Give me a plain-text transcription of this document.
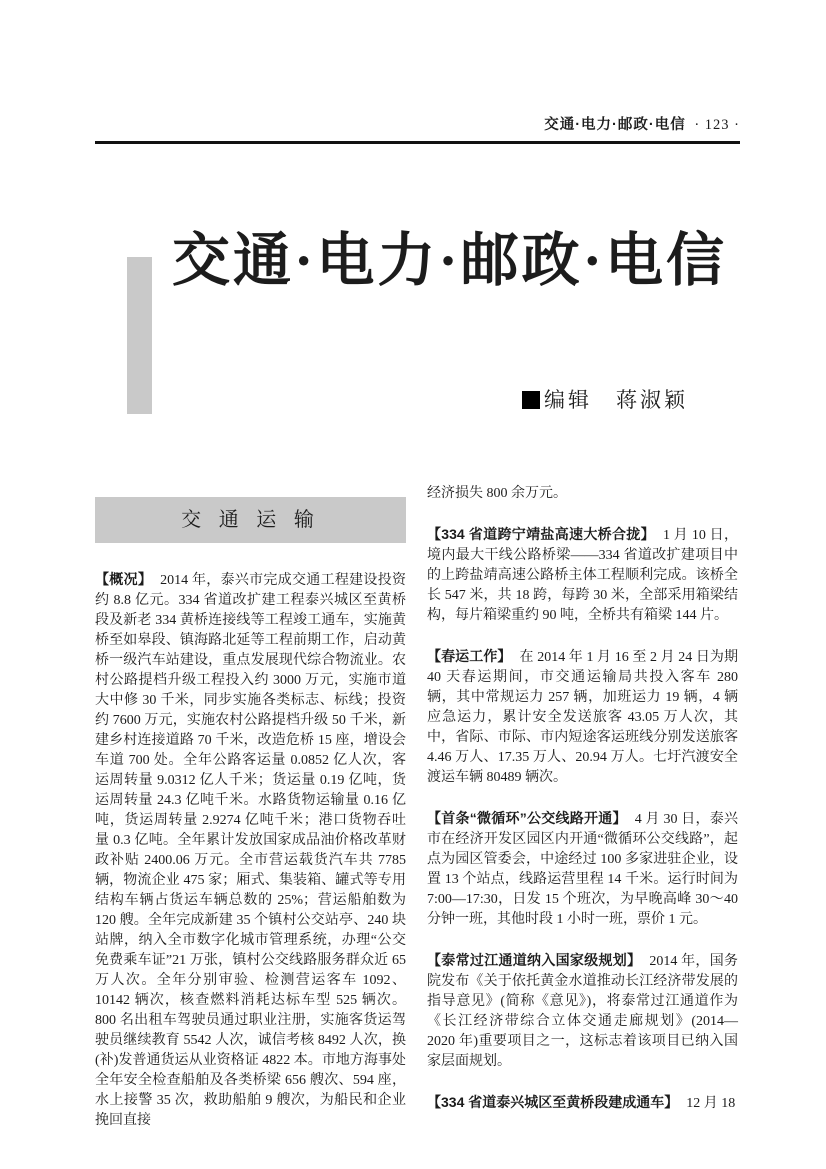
交通·电力·邮政·电信 · 123 ·
交通·电力·邮政·电信
编辑 蒋淑颖
交 通 运 输

【概况】 2014 年，泰兴市完成交通工程建设投资约 8.8 亿元。334 省道改扩建工程泰兴城区至黄桥段及新老 334 黄桥连接线等工程竣工通车，实施黄桥至如皋段、镇海路北延等工程前期工作，启动黄桥一级汽车站建设，重点发展现代综合物流业。农村公路提档升级工程投入约 3000 万元，实施市道大中修 30 千米，同步实施各类标志、标线；投资约 7600 万元，实施农村公路提档升级 50 千米，新建乡村连接道路 70 千米，改造危桥 15 座，增设会车道 700 处。全年公路客运量 0.0852 亿人次，客运周转量 9.0312 亿人千米；货运量 0.19 亿吨，货运周转量 24.3 亿吨千米。水路货物运输量 0.16 亿吨，货运周转量 2.9274 亿吨千米；港口货物吞吐量 0.3 亿吨。全年累计发放国家成品油价格改革财政补贴 2400.06 万元。全市营运载货汽车共 7785 辆，物流企业 475 家；厢式、集装箱、罐式等专用结构车辆占货运车辆总数的 25%；营运船舶数为 120 艘。全年完成新建 35 个镇村公交站亭、240 块站牌，纳入全市数字化城市管理系统，办理“公交免费乘车证”21 万张，镇村公交线路服务群众近 65 万人次。全年分别审验、检测营运客车 1092、10142 辆次，核查燃料消耗达标车型 525 辆次。800 名出租车驾驶员通过职业注册，实施客货运驾驶员继续教育 5542 人次，诚信考核 8492 人次，换(补)发普通货运从业资格证 4822 本。市地方海事处全年安全检查船舶及各类桥梁 656 艘次、594 座，水上接警 35 次，救助船舶 9 艘次，为船民和企业挽回直接

经济损失 800 余万元。

【334 省道跨宁靖盐高速大桥合拢】 1 月 10 日，境内最大干线公路桥梁——334 省道改扩建项目中的上跨盐靖高速公路桥主体工程顺利完成。该桥全长 547 米，共 18 跨，每跨 30 米，全部采用箱梁结构，每片箱梁重约 90 吨，全桥共有箱梁 144 片。

【春运工作】 在 2014 年 1 月 16 至 2 月 24 日为期 40 天春运期间，市交通运输局共投入客车 280 辆，其中常规运力 257 辆，加班运力 19 辆，4 辆应急运力，累计安全发送旅客 43.05 万人次，其中，省际、市际、市内短途客运班线分别发送旅客 4.46 万人、17.35 万人、20.94 万人。七圩汽渡安全渡运车辆 80489 辆次。

【首条“微循环”公交线路开通】 4 月 30 日，泰兴市在经济开发区园区内开通“微循环公交线路”，起点为园区管委会，中途经过 100 多家进驻企业，设置 13 个站点，线路运营里程 14 千米。运行时间为 7:00—17:30，日发 15 个班次，为早晚高峰 30～40 分钟一班，其他时段 1 小时一班，票价 1 元。

【泰常过江通道纳入国家级规划】 2014 年，国务院发布《关于依托黄金水道推动长江经济带发展的指导意见》(简称《意见》)，将泰常过江通道作为《长江经济带综合立体交通走廊规划》(2014—2020 年)重要项目之一，这标志着该项目已纳入国家层面规划。

【334 省道泰兴城区至黄桥段建成通车】 12 月 18
